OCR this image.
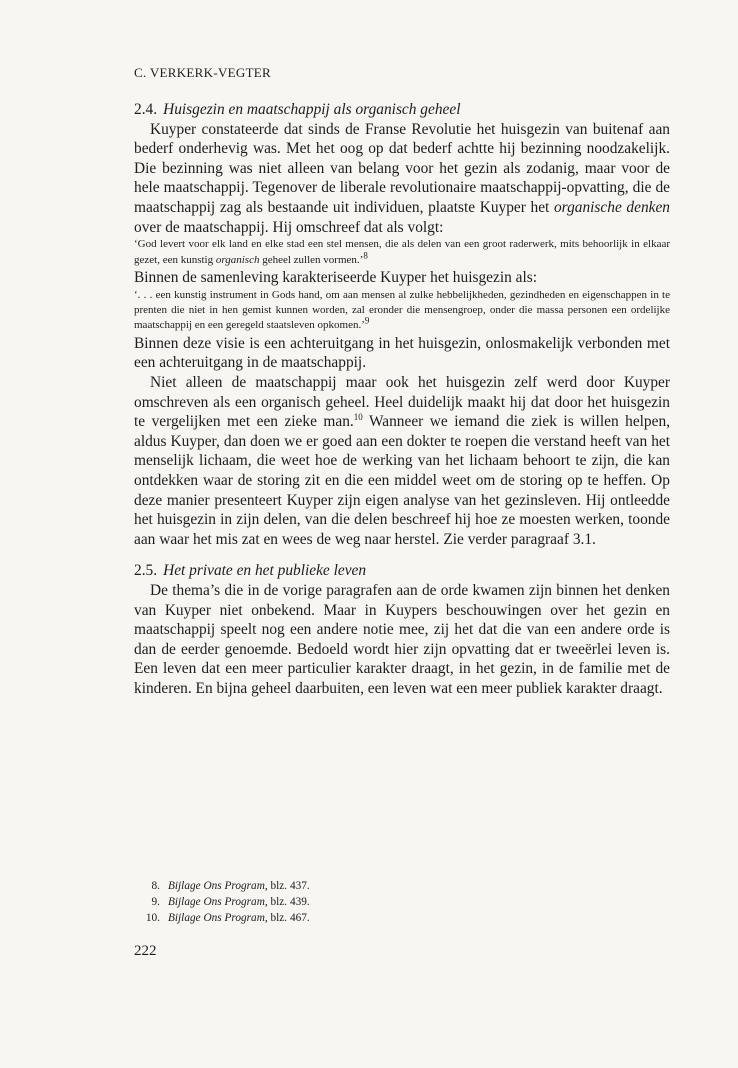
C. VERKERK-VEGTER
2.4. Huisgezin en maatschappij als organisch geheel

Kuyper constateerde dat sinds de Franse Revolutie het huisgezin van buitenaf aan bederf onderhevig was. Met het oog op dat bederf achtte hij bezinning noodzakelijk. Die bezinning was niet alleen van belang voor het gezin als zodanig, maar voor de hele maatschappij. Tegenover de liberale revolutionaire maatschappij-opvatting, die de maatschappij zag als bestaande uit individuen, plaatste Kuyper het organische denken over de maatschappij. Hij omschreef dat als volgt:

‘God levert voor elk land en elke stad een stel mensen, die als delen van een groot raderwerk, mits behoorlijk in elkaar gezet, een kunstig organisch geheel zullen vormen.’$^8$

Binnen de samenleving karakteriseerde Kuyper het huisgezin als:

‘. . . een kunstig instrument in Gods hand, om aan mensen al zulke hebbelijkheden, gezindheden en eigenschappen in te prenten die niet in hen gemist kunnen worden, zal eronder die mensengroep, onder die massa personen een ordelijke maatschappij en een geregeld staatsleven opkomen.’$^9$

Binnen deze visie is een achteruitgang in het huisgezin, onlosmakelijk verbonden met een achteruitgang in de maatschappij.

Niet alleen de maatschappij maar ook het huisgezin zelf werd door Kuyper omschreven als een organisch geheel. Heel duidelijk maakt hij dat door het huisgezin te vergelijken met een zieke man.$^{10}$ Wanneer we iemand die ziek is willen helpen, aldus Kuyper, dan doen we er goed aan een dokter te roepen die verstand heeft van het menselijk lichaam, die weet hoe de werking van het lichaam behoort te zijn, die kan ontdekken waar de storing zit en die een middel weet om de storing op te heffen. Op deze manier presenteert Kuyper zijn eigen analyse van het gezinsleven. Hij ontleedde het huisgezin in zijn delen, van die delen beschreef hij hoe ze moesten werken, toonde aan waar het mis zat en wees de weg naar herstel. Zie verder paragraaf 3.1.

2.5. Het private en het publieke leven

De thema’s die in de vorige paragrafen aan de orde kwamen zijn binnen het denken van Kuyper niet onbekend. Maar in Kuypers beschouwingen over het gezin en maatschappij speelt nog een andere notie mee, zij het dat die van een andere orde is dan de eerder genoemde. Bedoeld wordt hier zijn opvatting dat er tweeërlei leven is. Een leven dat een meer particulier karakter draagt, in het gezin, in de familie met de kinderen. En bijna geheel daarbuiten, een leven wat een meer publiek karakter draagt.

8. Bijlage Ons Program, blz. 437.
9. Bijlage Ons Program, blz. 439.
10. Bijlage Ons Program, blz. 467.
222
